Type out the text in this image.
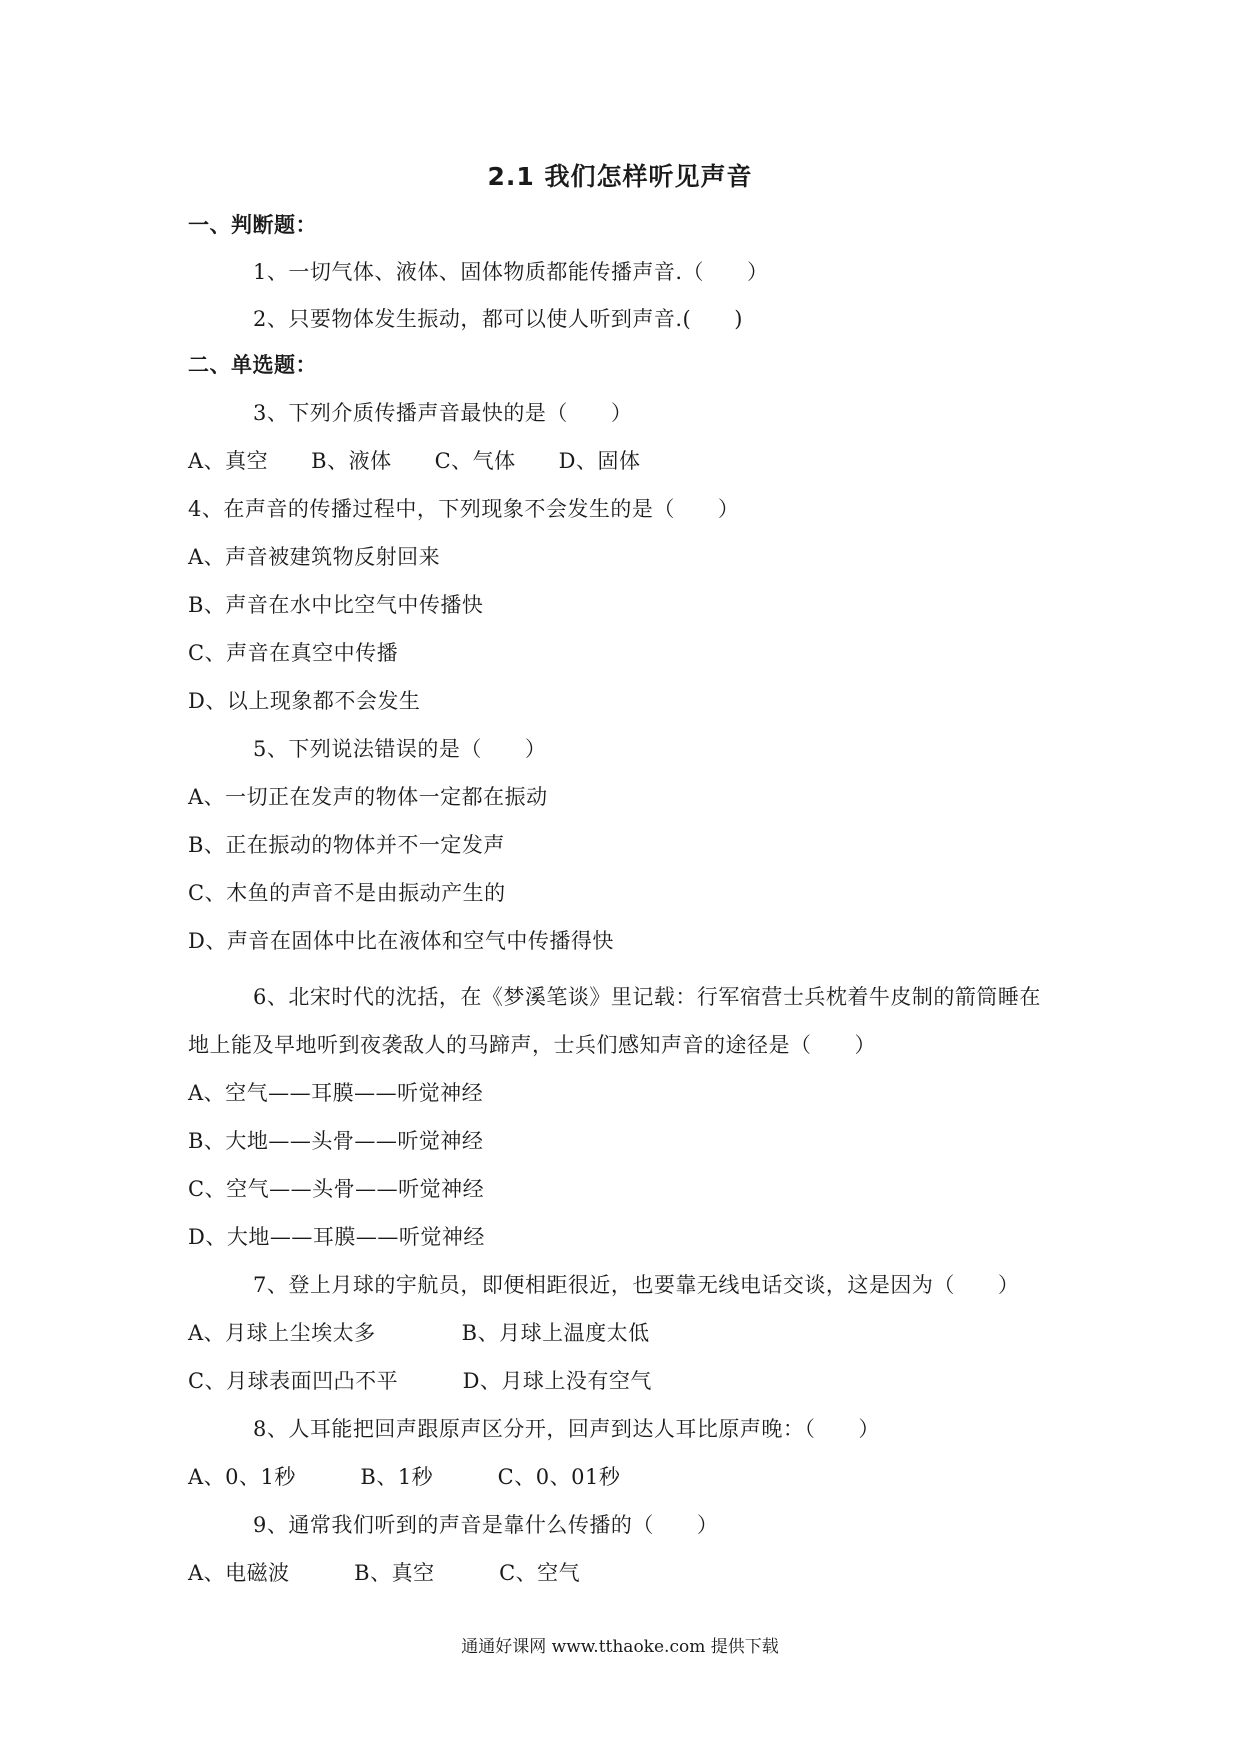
2.1 我们怎样听见声音
一、判断题：
1、一切气体、液体、固体物质都能传播声音.（　　）
2、只要物体发生振动，都可以使人听到声音.(　　)
二、单选题：
3、下列介质传播声音最快的是（　　）
A、真空　　B、液体　　C、气体　　D、固体
4、在声音的传播过程中，下列现象不会发生的是（　　）
A、声音被建筑物反射回来
B、声音在水中比空气中传播快
C、声音在真空中传播
D、以上现象都不会发生
5、下列说法错误的是（　　）
A、一切正在发声的物体一定都在振动
B、正在振动的物体并不一定发声
C、木鱼的声音不是由振动产生的
D、声音在固体中比在液体和空气中传播得快
6、北宋时代的沈括，在《梦溪笔谈》里记载：行军宿营士兵枕着牛皮制的箭筒睡在
地上能及早地听到夜袭敌人的马蹄声，士兵们感知声音的途径是（　　）
A、空气——耳膜——听觉神经
B、大地——头骨——听觉神经
C、空气——头骨——听觉神经
D、大地——耳膜——听觉神经
7、登上月球的宇航员，即便相距很近，也要靠无线电话交谈，这是因为（　　）
A、月球上尘埃太多　　　　B、月球上温度太低
C、月球表面凹凸不平　　　D、月球上没有空气
8、人耳能把回声跟原声区分开，回声到达人耳比原声晚：（　　）
A、0、1秒　　　B、1秒　　　C、0、01秒
9、通常我们听到的声音是靠什么传播的（　　）
A、电磁波　　　B、真空　　　C、空气
通通好课网 www.tthaoke.com 提供下载
